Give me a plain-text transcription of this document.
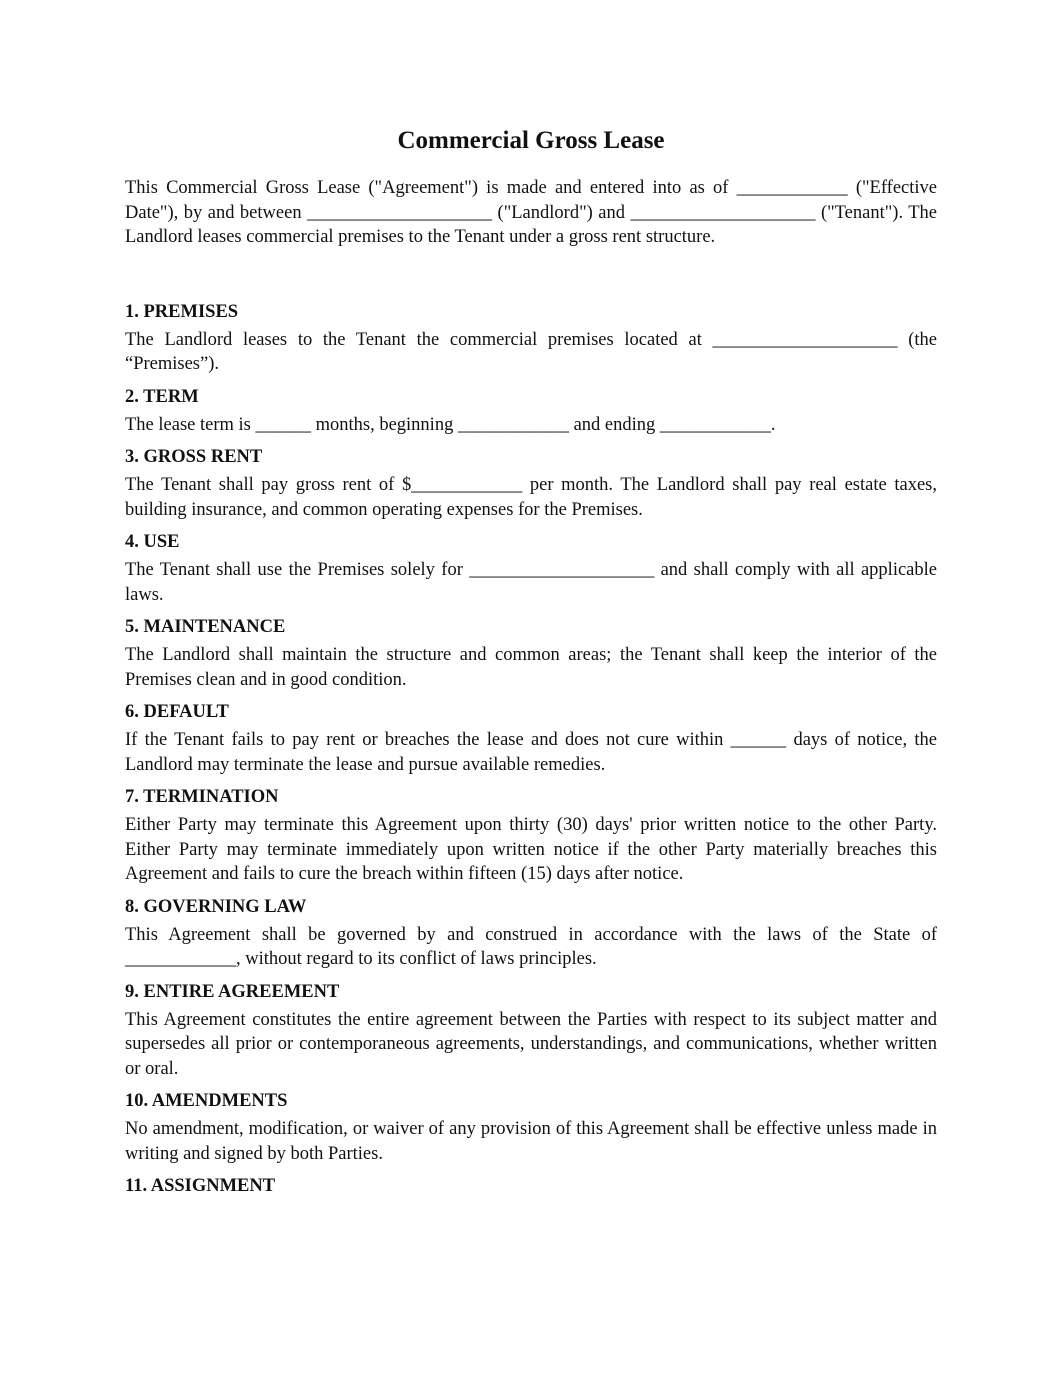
Commercial Gross Lease

This Commercial Gross Lease ("Agreement") is made and entered into as of ____________ ("Effective Date"), by and between ____________________ ("Landlord") and ____________________ ("Tenant"). The Landlord leases commercial premises to the Tenant under a gross rent structure.

1. PREMISES

The Landlord leases to the Tenant the commercial premises located at ____________________ (the “Premises”).

2. TERM

The lease term is ______ months, beginning ____________ and ending ____________.

3. GROSS RENT

The Tenant shall pay gross rent of $____________ per month. The Landlord shall pay real estate taxes, building insurance, and common operating expenses for the Premises.

4. USE

The Tenant shall use the Premises solely for ____________________ and shall comply with all applicable laws.

5. MAINTENANCE

The Landlord shall maintain the structure and common areas; the Tenant shall keep the interior of the Premises clean and in good condition.

6. DEFAULT

If the Tenant fails to pay rent or breaches the lease and does not cure within ______ days of notice, the Landlord may terminate the lease and pursue available remedies.

7. TERMINATION

Either Party may terminate this Agreement upon thirty (30) days' prior written notice to the other Party. Either Party may terminate immediately upon written notice if the other Party materially breaches this Agreement and fails to cure the breach within fifteen (15) days after notice.

8. GOVERNING LAW

This Agreement shall be governed by and construed in accordance with the laws of the State of ____________, without regard to its conflict of laws principles.

9. ENTIRE AGREEMENT

This Agreement constitutes the entire agreement between the Parties with respect to its subject matter and supersedes all prior or contemporaneous agreements, understandings, and communications, whether written or oral.

10. AMENDMENTS

No amendment, modification, or waiver of any provision of this Agreement shall be effective unless made in writing and signed by both Parties.

11. ASSIGNMENT
